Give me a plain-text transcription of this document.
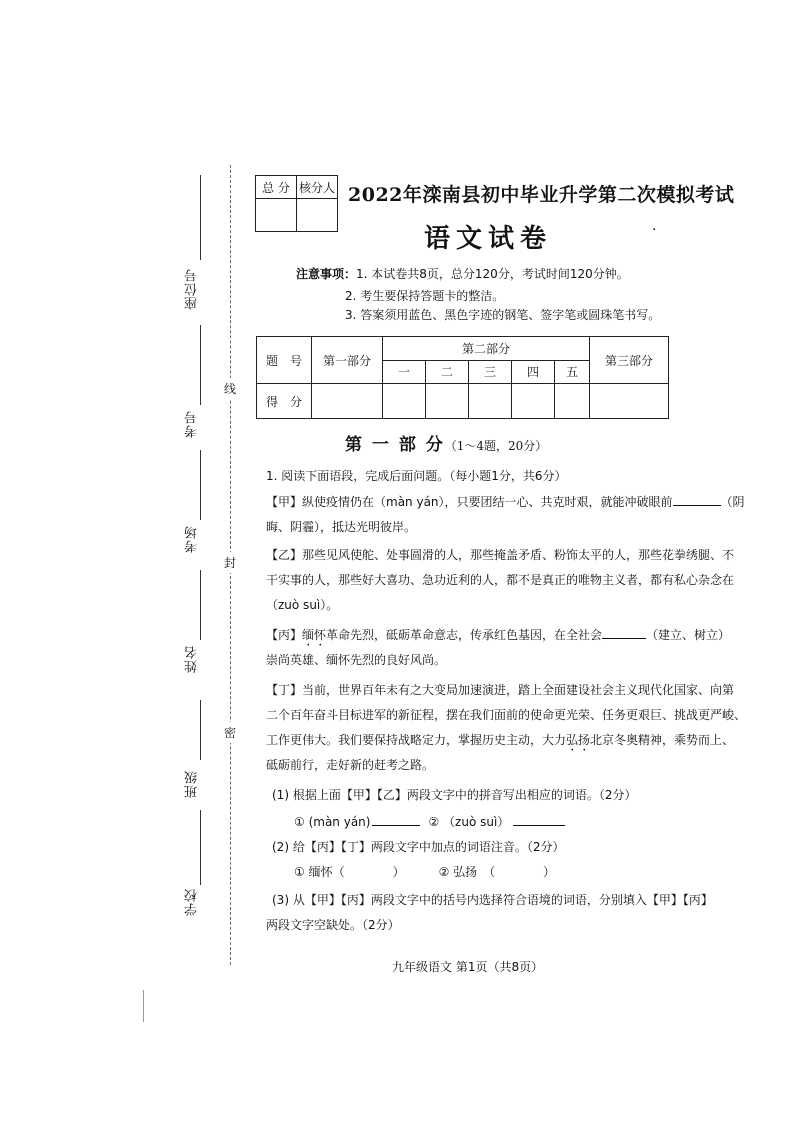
座位号
考号
考场
姓名
班级
学校
线
封
密
总 分	核分人
	2022年滦南县初中毕业升学第二次模拟考试
语文试卷	·
注意事项：1. 本试卷共8页，总分120分，考试时间120分钟。
2. 考生要保持答题卡的整洁。
3. 答案须用蓝色、黑色字迹的钢笔、签字笔或圆珠笔书写。
题　号	第一部分	第二部分					第三部分
		一	二	三	四	五	
得　分							
第 一 部 分（1～4题，20分）
1. 阅读下面语段，完成后面问题。（每小题1分，共6分）
【甲】纵使疫情仍在（màn yán），只要团结一心、共克时艰，就能冲破眼前	（阴
晦、阴霾），抵达光明彼岸。
【乙】那些见风使舵、处事圆滑的人，那些掩盖矛盾、粉饰太平的人，那些花拳绣腿、不
干实事的人，那些好大喜功、急功近利的人，都不是真正的唯物主义者，都有私心杂念在
（zuò suì）。
【丙】缅怀革命先烈，砥砺革命意志，传承红色基因，在全社会	（建立、树立）
崇尚英雄、缅怀先烈的良好风尚。
【丁】当前，世界百年未有之大变局加速演进，踏上全面建设社会主义现代化国家、向第
二个百年奋斗目标进军的新征程，摆在我们面前的使命更光荣、任务更艰巨、挑战更严峻、
工作更伟大。我们要保持战略定力，掌握历史主动，大力弘扬北京冬奥精神，乘势而上、
砥砺前行，走好新的赶考之路。
(1) 根据上面【甲】【乙】两段文字中的拼音写出相应的词语。（2分）
① (màn yán)	② （zuò suì）
(2) 给【丙】【丁】两段文字中加点的词语注音。（2分）
① 缅怀（　　　　）	② 弘扬　（　　　　）
(3) 从【甲】【丙】两段文字中的括号内选择符合语境的词语，分别填入【甲】【丙】
两段文字空缺处。（2分）
九年级语文 第1页（共8页）
